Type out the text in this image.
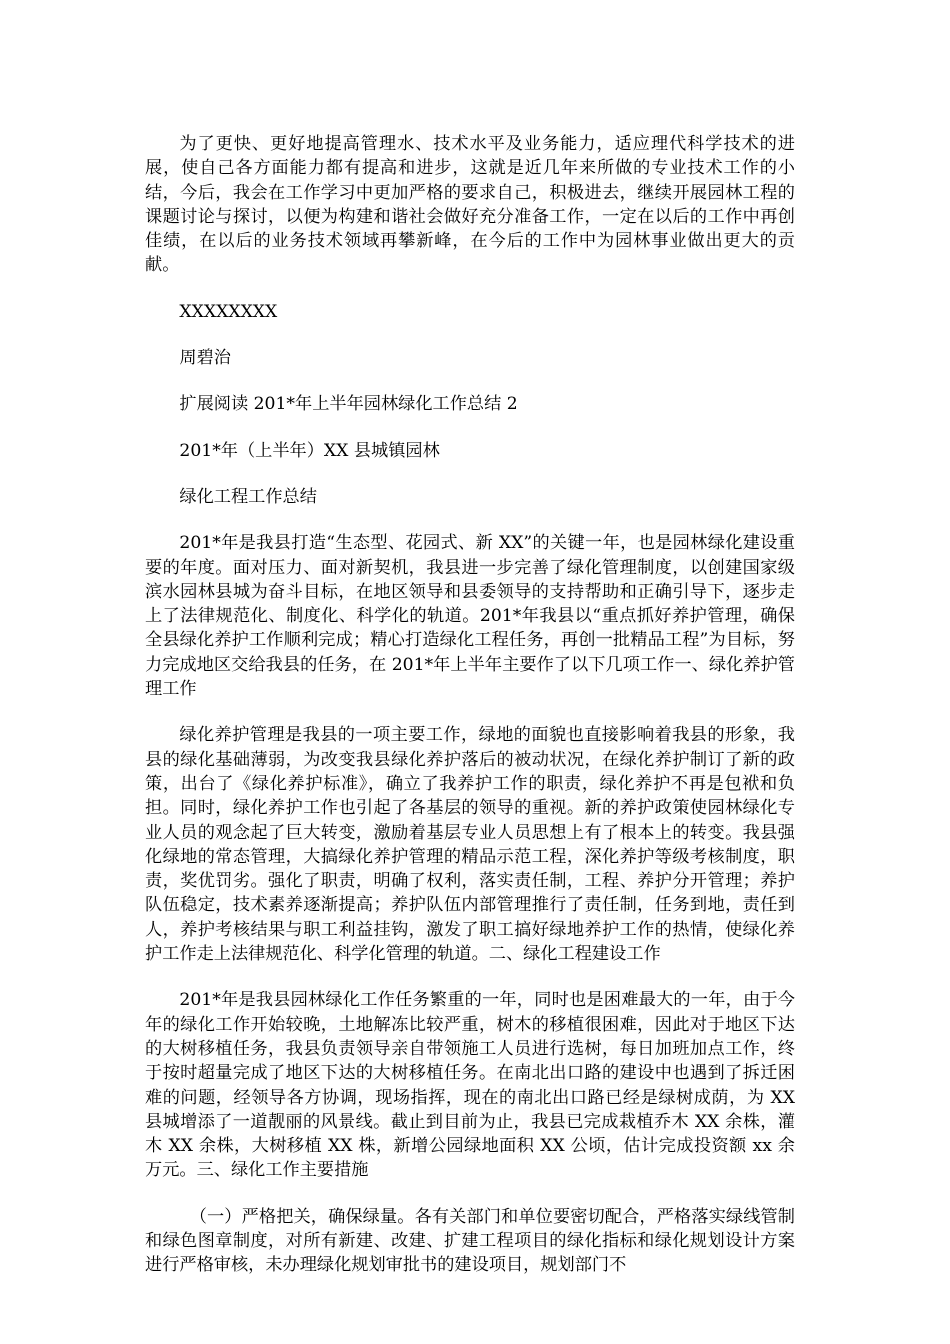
为了更快、更好地提高管理水、技术水平及业务能力，适应理代科学技术的进展，使自己各方面能力都有提高和进步，这就是近几年来所做的专业技术工作的小结，今后，我会在工作学习中更加严格的要求自己，积极进去，继续开展园林工程的课题讨论与探讨，以便为构建和谐社会做好充分准备工作，一定在以后的工作中再创佳绩，在以后的业务技术领域再攀新峰，在今后的工作中为园林事业做出更大的贡献。

XXXXXXXX

周碧治

扩展阅读 201*年上半年园林绿化工作总结 2

201*年（上半年）XX 县城镇园林

绿化工程工作总结

201*年是我县打造“生态型、花园式、新 XX”的关键一年，也是园林绿化建设重要的年度。面对压力、面对新契机，我县进一步完善了绿化管理制度，以创建国家级滨水园林县城为奋斗目标，在地区领导和县委领导的支持帮助和正确引导下，逐步走上了法律规范化、制度化、科学化的轨道。201*年我县以“重点抓好养护管理，确保全县绿化养护工作顺利完成；精心打造绿化工程任务，再创一批精品工程”为目标，努力完成地区交给我县的任务，在 201*年上半年主要作了以下几项工作一、绿化养护管理工作

绿化养护管理是我县的一项主要工作，绿地的面貌也直接影响着我县的形象，我县的绿化基础薄弱，为改变我县绿化养护落后的被动状况，在绿化养护制订了新的政策，出台了《绿化养护标准》，确立了我养护工作的职责，绿化养护不再是包袱和负担。同时，绿化养护工作也引起了各基层的领导的重视。新的养护政策使园林绿化专业人员的观念起了巨大转变，激励着基层专业人员思想上有了根本上的转变。我县强化绿地的常态管理，大搞绿化养护管理的精品示范工程，深化养护等级考核制度，职责，奖优罚劣。强化了职责，明确了权利，落实责任制，工程、养护分开管理；养护队伍稳定，技术素养逐渐提高；养护队伍内部管理推行了责任制，任务到地，责任到人，养护考核结果与职工利益挂钩，激发了职工搞好绿地养护工作的热情，使绿化养护工作走上法律规范化、科学化管理的轨道。二、绿化工程建设工作

201*年是我县园林绿化工作任务繁重的一年，同时也是困难最大的一年，由于今年的绿化工作开始较晚，土地解冻比较严重，树木的移植很困难，因此对于地区下达的大树移植任务，我县负责领导亲自带领施工人员进行选树，每日加班加点工作，终于按时超量完成了地区下达的大树移植任务。在南北出口路的建设中也遇到了拆迁困难的问题，经领导各方协调，现场指挥，现在的南北出口路已经是绿树成荫，为 XX 县城增添了一道靓丽的风景线。截止到目前为止，我县已完成栽植乔木 XX 余株，灌木 XX 余株，大树移植 XX 株，新增公园绿地面积 XX 公顷，估计完成投资额 xx 余万元。三、绿化工作主要措施

（一）严格把关，确保绿量。各有关部门和单位要密切配合，严格落实绿线管制和绿色图章制度，对所有新建、改建、扩建工程项目的绿化指标和绿化规划设计方案进行严格审核，未办理绿化规划审批书的建设项目，规划部门不
